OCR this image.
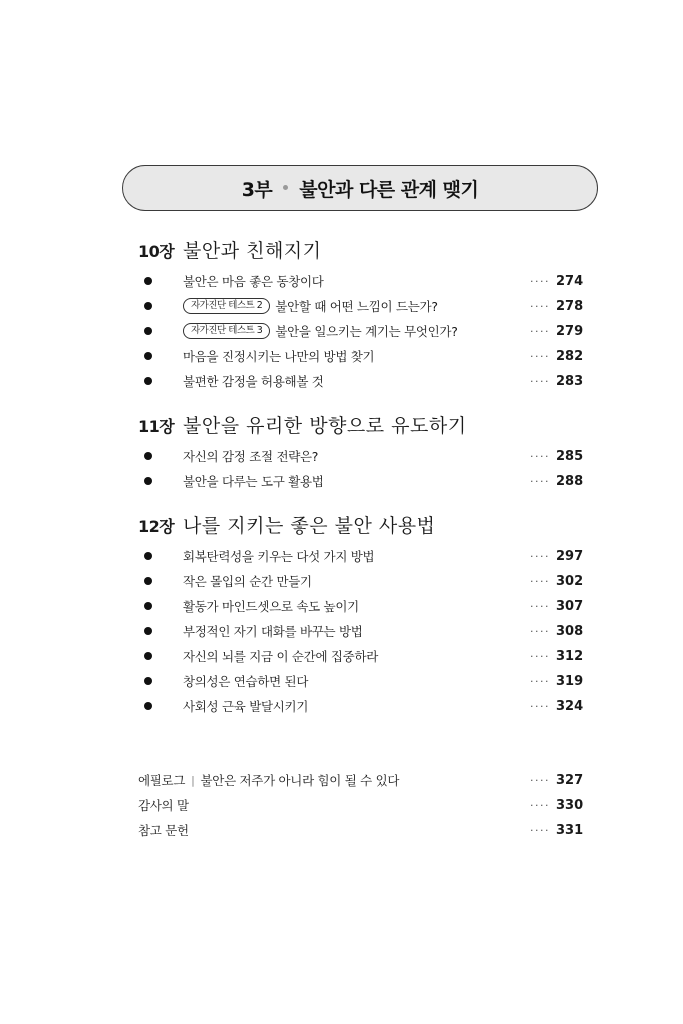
3부 불안과 다른 관계 맺기
10장 불안과 친해지기
불안은 마음 좋은 동창이다	···· 274
자가진단 테스트 2	불안할 때 어떤 느낌이 드는가?	···· 278
자가진단 테스트 3	불안을 일으키는 계기는 무엇인가?	···· 279
마음을 진정시키는 나만의 방법 찾기	···· 282
불편한 감정을 허용해볼 것	···· 283
11장 불안을 유리한 방향으로 유도하기
자신의 감정 조절 전략은?	···· 285
불안을 다루는 도구 활용법	···· 288
12장 나를 지키는 좋은 불안 사용법
회복탄력성을 키우는 다섯 가지 방법	···· 297
작은 몰입의 순간 만들기	···· 302
활동가 마인드셋으로 속도 높이기	···· 307
부정적인 자기 대화를 바꾸는 방법	···· 308
자신의 뇌를 지금 이 순간에 집중하라	···· 312
창의성은 연습하면 된다	···· 319
사회성 근육 발달시키기	···· 324
에필로그 | 불안은 저주가 아니라 힘이 될 수 있다	···· 327
감사의 말	···· 330
참고 문헌	···· 331
